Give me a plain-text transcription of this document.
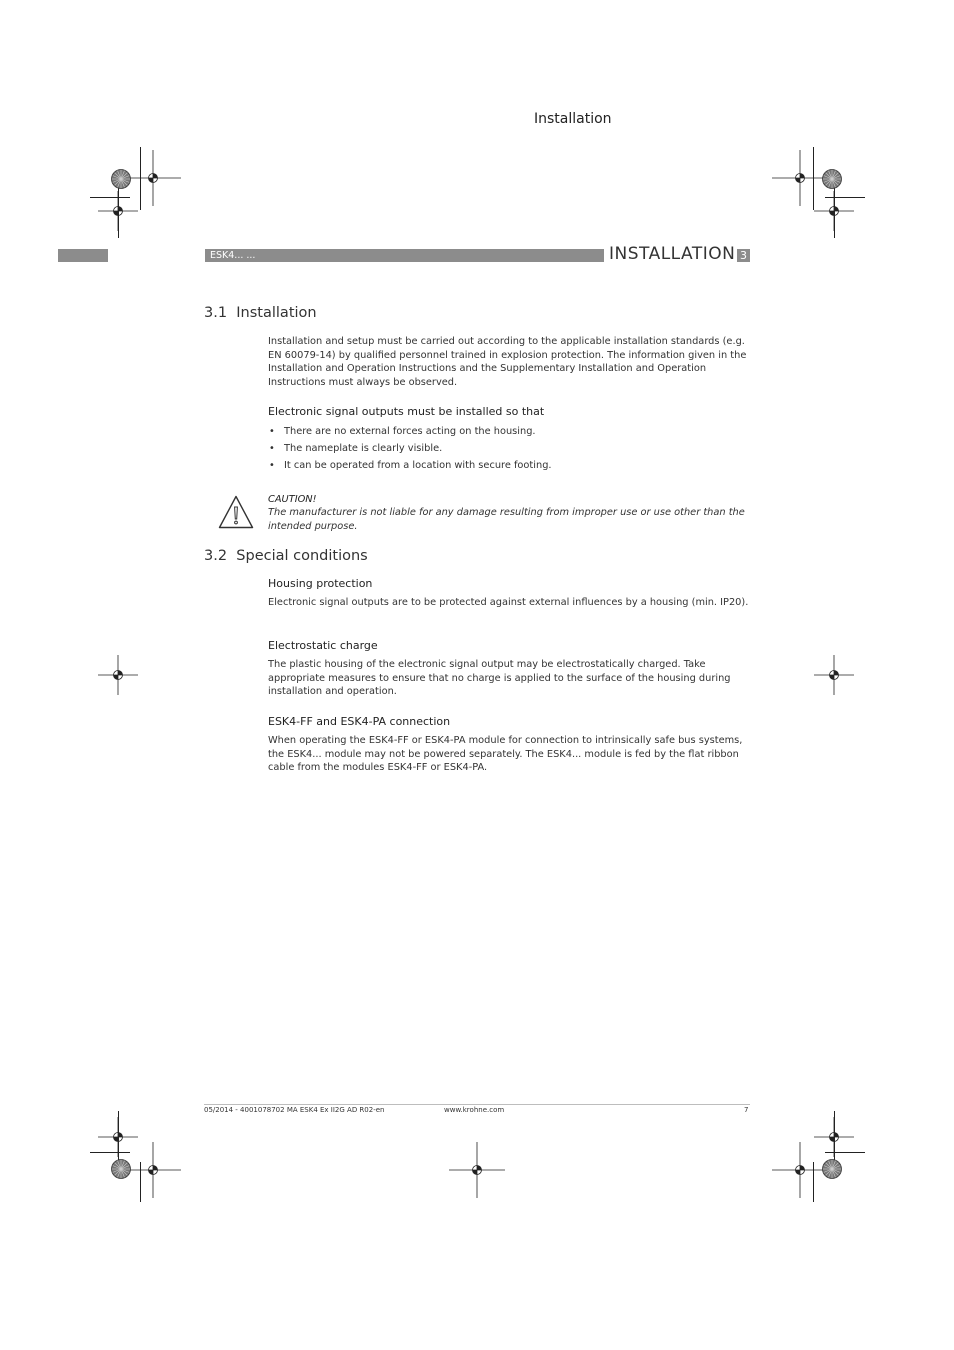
Installation
ESK4... ...	INSTALLATION 3
3.1 Installation
Installation and setup must be carried out according to the applicable installation standards (e.g. EN 60079-14) by qualified personnel trained in explosion protection. The information given in the Installation and Operation Instructions and the Supplementary Installation and Operation Instructions must always be observed.
Electronic signal outputs must be installed so that
• There are no external forces acting on the housing.
• The nameplate is clearly visible.
• It can be operated from a location with secure footing.
CAUTION!
The manufacturer is not liable for any damage resulting from improper use or use other than the intended purpose.
3.2 Special conditions
Housing protection
Electronic signal outputs are to be protected against external influences by a housing (min. IP20).
Electrostatic charge
The plastic housing of the electronic signal output may be electrostatically charged. Take appropriate measures to ensure that no charge is applied to the surface of the housing during installation and operation.
ESK4-FF and ESK4-PA connection
When operating the ESK4-FF or ESK4-PA module for connection to intrinsically safe bus systems, the ESK4... module may not be powered separately. The ESK4... module is fed by the flat ribbon cable from the modules ESK4-FF or ESK4-PA.
05/2014 - 4001078702 MA ESK4 Ex II2G AD R02-en	www.krohne.com	7
